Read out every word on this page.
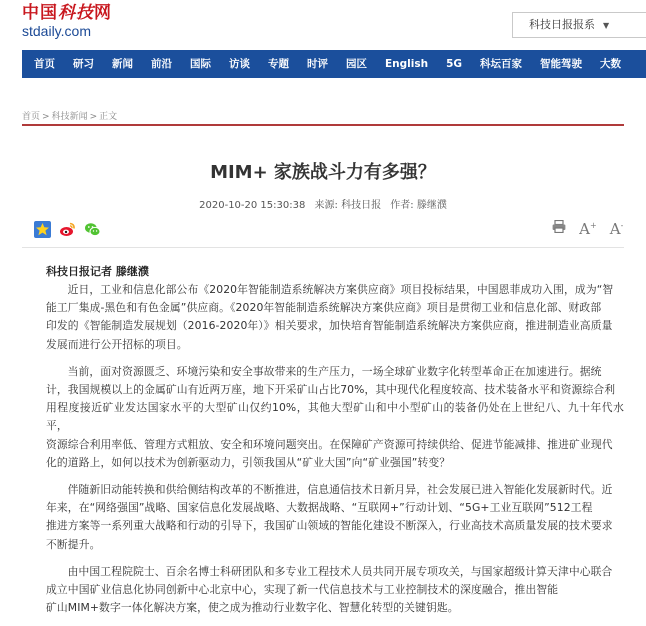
中国科技网
stdaily.com	科技日报报系 ▼
首页 研习 新闻 前沿 国际 访谈 专题 时评 园区 English 5G 科坛百家 智能驾驶 大数
首页 > 科技新闻 > 正文
MIM+ 家族战斗力有多强？
2020-10-20 15:30:38 来源: 科技日报 作者: 滕继濮

A+ A-
科技日报记者 滕继濮

近日，工业和信息化部公布《2020年智能制造系统解决方案供应商》项目投标结果，中国恩菲成功入围，成为“智
能工厂集成-黑色和有色金属”供应商。《2020年智能制造系统解决方案供应商》项目是贯彻工业和信息化部、财政部
印发的《智能制造发展规划（2016-2020年）》相关要求，加快培育智能制造系统解决方案供应商，推进制造业高质量
发展而进行公开招标的项目。

当前，面对资源匮乏、环境污染和安全事故带来的生产压力，一场全球矿业数字化转型革命正在加速进行。据统
计，我国规模以上的金属矿山有近两万座，地下开采矿山占比70%，其中现代化程度较高、技术装备水平和资源综合利
用程度接近矿业发达国家水平的大型矿山仅约10%，其他大型矿山和中小型矿山的装备仍处在上世纪八、九十年代水平，
资源综合利用率低、管理方式粗放、安全和环境问题突出。在保障矿产资源可持续供给、促进节能减排、推进矿业现代
化的道路上，如何以技术为创新驱动力，引领我国从“矿业大国”向“矿业强国”转变？

伴随新旧动能转换和供给侧结构改革的不断推进，信息通信技术日新月异，社会发展已进入智能化发展新时代。近
年来，在“网络强国”战略、国家信息化发展战略、大数据战略、“互联网+”行动计划、“5G+工业互联网”512工程
推进方案等一系列重大战略和行动的引导下，我国矿山领域的智能化建设不断深入，行业高技术高质量发展的技术要求
不断提升。

由中国工程院院士、百余名博士科研团队和多专业工程技术人员共同开展专项攻关，与国家超级计算天津中心联合
成立中国矿业信息化协同创新中心北京中心，实现了新一代信息技术与工业控制技术的深度融合，推出智能
矿山MIM+数字一体化解决方案，使之成为推动行业数字化、智慧化转型的关键钥匙。
